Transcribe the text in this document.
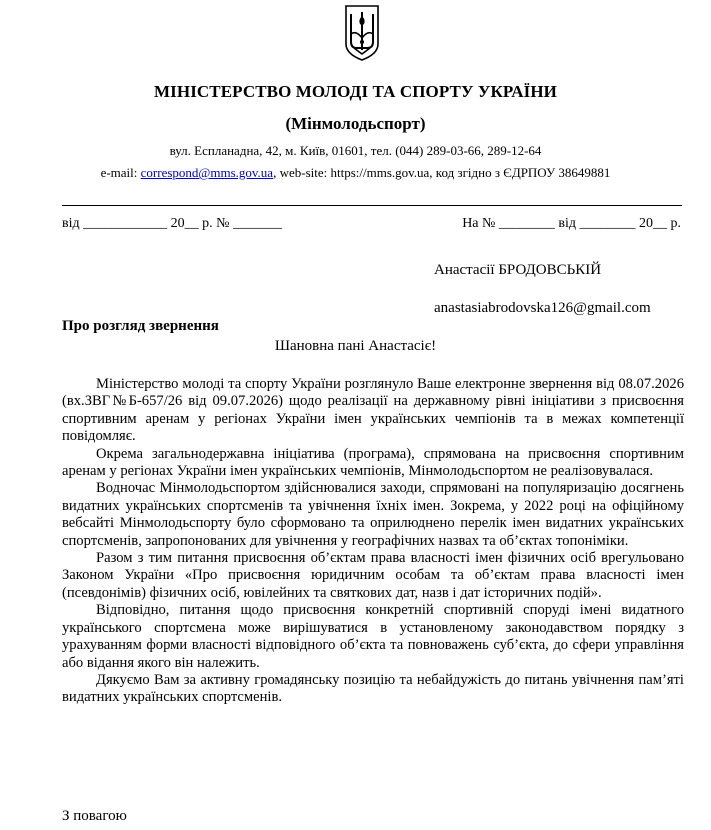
МІНІСТЕРСТВО МОЛОДІ ТА СПОРТУ УКРАЇНИ
(Мінмолодьспорт)
вул. Еспланадна, 42, м. Київ, 01601, тел. (044) 289-03-66, 289-12-64
e-mail: correspond@mms.gov.ua, web-site: https://mms.gov.ua, код згідно з ЄДРПОУ 38649881
від ____________ 20__ р. № _______	На № ________ від ________ 20__ р.
Анастасії БРОДОВСЬКІЙ
anastasiabrodovska126@gmail.com
Про розгляд звернення
Шановна пані Анастасіє!

Міністерство молоді та спорту України розглянуло Ваше електронне звернення від 08.07.2026 (вх.ЗВГ№Б-657/26 від 09.07.2026) щодо реалізації на державному рівні ініціативи з присвоєння спортивним аренам у регіонах України імен українських чемпіонів та в межах компетенції повідомляє.

Окрема загальнодержавна ініціатива (програма), спрямована на присвоєння спортивним аренам у регіонах України імен українських чемпіонів, Мінмолодьспортом не реалізовувалася.

Водночас Мінмолодьспортом здійснювалися заходи, спрямовані на популяризацію досягнень видатних українських спортсменів та увічнення їхніх імен. Зокрема, у 2022 році на офіційному вебсайті Мінмолодьспорту було сформовано та оприлюднено перелік імен видатних українських спортсменів, запропонованих для увічнення у географічних назвах та об’єктах топоніміки.

Разом з тим питання присвоєння об’єктам права власності імен фізичних осіб врегульовано Законом України «Про присвоєння юридичним особам та об’єктам права власності імен (псевдонімів) фізичних осіб, ювілейних та святкових дат, назв і дат історичних подій».

Відповідно, питання щодо присвоєння конкретній спортивній споруді імені видатного українського спортсмена може вирішуватися в установленому законодавством порядку з урахуванням форми власності відповідного об’єкта та повноважень суб’єкта, до сфери управління або відання якого він належить.

Дякуємо Вам за активну громадянську позицію та небайдужість до питань увічнення пам’яті видатних українських спортсменів.

З повагою
